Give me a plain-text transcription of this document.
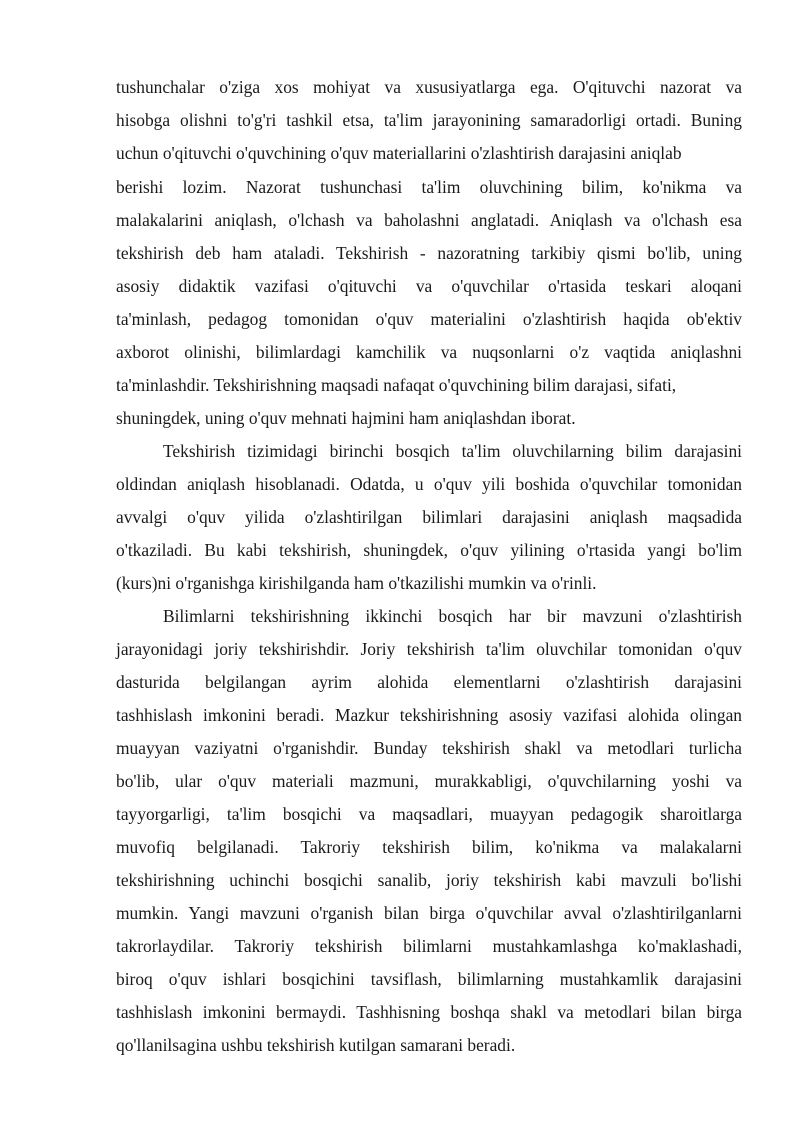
tushunchalar o'ziga xos mohiyat va xususiyatlarga ega. O'qituvchi nazorat va
hisobga olishni to'g'ri tashkil etsa, ta'lim jarayonining samaradorligi ortadi. Buning
uchun o'qituvchi o'quvchining o'quv materiallarini o'zlashtirish darajasini aniqlab
berishi lozim. Nazorat tushunchasi ta'lim oluvchining bilim, ko'nikma va
malakalarini aniqlash, o'lchash va baholashni anglatadi. Aniqlash va o'lchash esa
tekshirish deb ham ataladi. Tekshirish - nazoratning tarkibiy qismi bo'lib, uning
asosiy didaktik vazifasi o'qituvchi va o'quvchilar o'rtasida teskari aloqani
ta'minlash, pedagog tomonidan o'quv materialini o'zlashtirish haqida ob'ektiv
axborot olinishi, bilimlardagi kamchilik va nuqsonlarni o'z vaqtida aniqlashni
ta'minlashdir. Tekshirishning maqsadi nafaqat o'quvchining bilim darajasi, sifati,
shuningdek, uning o'quv mehnati hajmini ham aniqlashdan iborat.
Tekshirish tizimidagi birinchi bosqich ta'lim oluvchilarning bilim darajasini
oldindan aniqlash hisoblanadi. Odatda, u o'quv yili boshida o'quvchilar tomonidan
avvalgi o'quv yilida o'zlashtirilgan bilimlari darajasini aniqlash maqsadida
o'tkaziladi. Bu kabi tekshirish, shuningdek, o'quv yilining o'rtasida yangi bo'lim
(kurs)ni o'rganishga kirishilganda ham o'tkazilishi mumkin va o'rinli.
Bilimlarni tekshirishning ikkinchi bosqich har bir mavzuni o'zlashtirish
jarayonidagi joriy tekshirishdir. Joriy tekshirish ta'lim oluvchilar tomonidan o'quv
dasturida belgilangan ayrim alohida elementlarni o'zlashtirish darajasini
tashhislash imkonini beradi. Mazkur tekshirishning asosiy vazifasi alohida olingan
muayyan vaziyatni o'rganishdir. Bunday tekshirish shakl va metodlari turlicha
bo'lib, ular o'quv materiali mazmuni, murakkabligi, o'quvchilarning yoshi va
tayyorgarligi, ta'lim bosqichi va maqsadlari, muayyan pedagogik sharoitlarga
muvofiq belgilanadi. Takroriy tekshirish bilim, ko'nikma va malakalarni
tekshirishning uchinchi bosqichi sanalib, joriy tekshirish kabi mavzuli bo'lishi
mumkin. Yangi mavzuni o'rganish bilan birga o'quvchilar avval o'zlashtirilganlarni
takrorlaydilar. Takroriy tekshirish bilimlarni mustahkamlashga ko'maklashadi,
biroq o'quv ishlari bosqichini tavsiflash, bilimlarning mustahkamlik darajasini
tashhislash imkonini bermaydi. Tashhisning boshqa shakl va metodlari bilan birga
qo'llanilsagina ushbu tekshirish kutilgan samarani beradi.
